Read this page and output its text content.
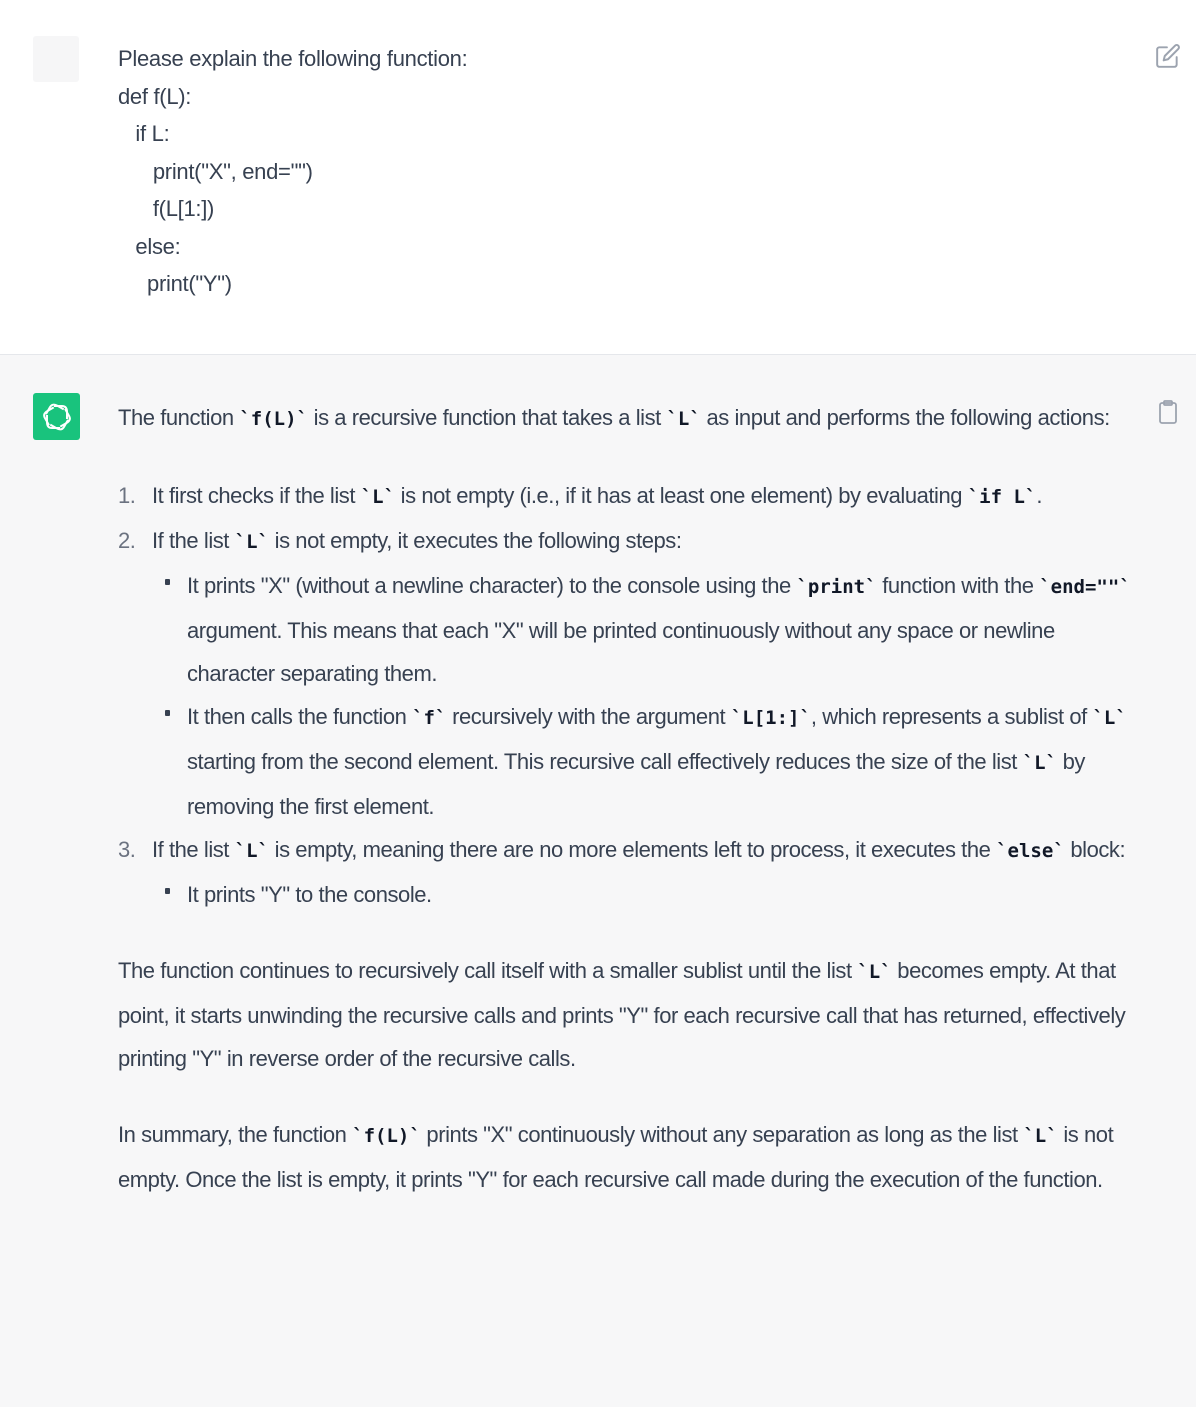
Please explain the following function:
def f(L):
if L:
print("X", end="")
f(L[1:])
else:
print("Y")

The function `f(L)` is a recursive function that takes a list `L` as input and performs the following actions:

1. It first checks if the list `L` is not empty (i.e., if it has at least one element) by evaluating `if L`.
2. If the list `L` is not empty, it executes the following steps:
It prints "X" (without a newline character) to the console using the `print` function with the `end=""` argument. This means that each "X" will be printed continuously without any space or newline character separating them.
It then calls the function `f` recursively with the argument `L[1:]`, which represents a sublist of `L` starting from the second element. This recursive call effectively reduces the size of the list `L` by removing the first element.
3. If the list `L` is empty, meaning there are no more elements left to process, it executes the `else` block:
It prints "Y" to the console.

The function continues to recursively call itself with a smaller sublist until the list `L` becomes empty. At that point, it starts unwinding the recursive calls and prints "Y" for each recursive call that has returned, effectively printing "Y" in reverse order of the recursive calls.

In summary, the function `f(L)` prints "X" continuously without any separation as long as the list `L` is not empty. Once the list is empty, it prints "Y" for each recursive call made during the execution of the function.
